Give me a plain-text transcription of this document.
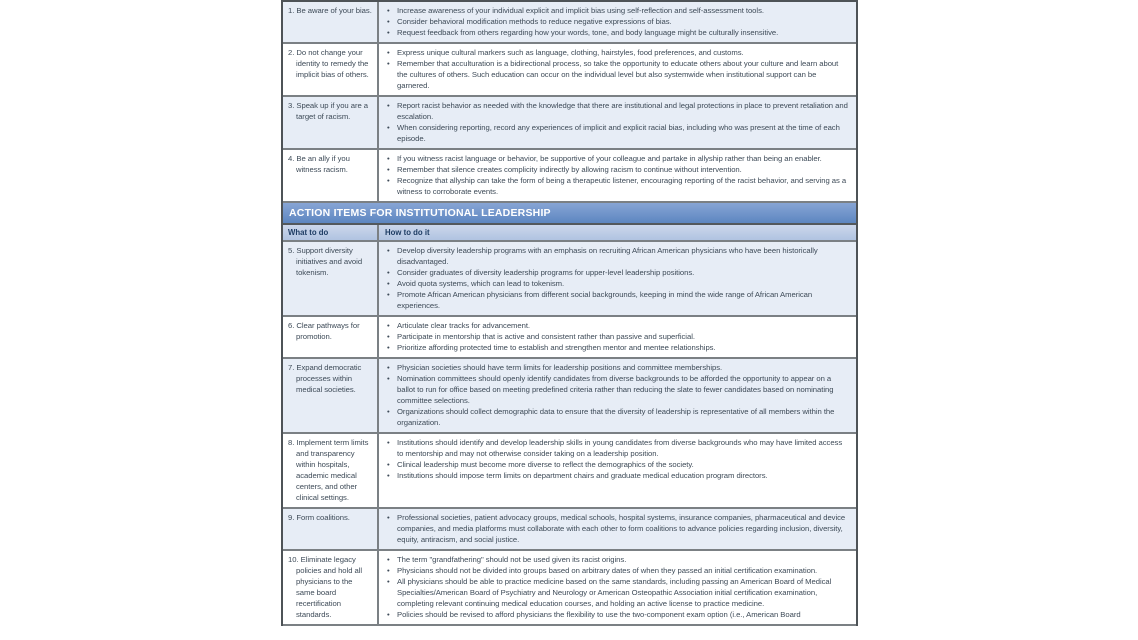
1. Be aware of your bias.	• Increase awareness of your individual explicit and implicit bias using self-reflection and self-assessment tools.
• Consider behavioral modification methods to reduce negative expressions of bias.
• Request feedback from others regarding how your words, tone, and body language might be culturally insensitive.
2. Do not change your identity to remedy the implicit bias of others.
• Express unique cultural markers such as language, clothing, hairstyles, food preferences, and customs.
• Remember that acculturation is a bidirectional process, so take the opportunity to educate others about your culture and learn about the cultures of others. Such education can occur on the individual level but also systemwide when institutional support can be garnered.
3. Speak up if you are a target of racism.
• Report racist behavior as needed with the knowledge that there are institutional and legal protections in place to prevent retaliation and escalation.
• When considering reporting, record any experiences of implicit and explicit racial bias, including who was present at the time of each episode.
4. Be an ally if you witness racism.
• If you witness racist language or behavior, be supportive of your colleague and partake in allyship rather than being an enabler.
• Remember that silence creates complicity indirectly by allowing racism to continue without intervention.
• Recognize that allyship can take the form of being a therapeutic listener, encouraging reporting of the racist behavior, and serving as a witness to corroborate events.
ACTION ITEMS FOR INSTITUTIONAL LEADERSHIP
What to do	How to do it
5. Support diversity initiatives and avoid tokenism.
• Develop diversity leadership programs with an emphasis on recruiting African American physicians who have been historically disadvantaged.
• Consider graduates of diversity leadership programs for upper-level leadership positions.
• Avoid quota systems, which can lead to tokenism.
• Promote African American physicians from different social backgrounds, keeping in mind the wide range of African American experiences.
6. Clear pathways for promotion.
• Articulate clear tracks for advancement.
• Participate in mentorship that is active and consistent rather than passive and superficial.
• Prioritize affording protected time to establish and strengthen mentor and mentee relationships.
7. Expand democratic processes within medical societies.
• Physician societies should have term limits for leadership positions and committee memberships.
• Nomination committees should openly identify candidates from diverse backgrounds to be afforded the opportunity to appear on a ballot to run for office based on meeting predefined criteria rather than reducing the slate to fewer candidates based on nominating committee selections.
• Organizations should collect demographic data to ensure that the diversity of leadership is representative of all members within the organization.
8. Implement term limits and transparency within hospitals, academic medical centers, and other clinical settings.
• Institutions should identify and develop leadership skills in young candidates from diverse backgrounds who may have limited access to mentorship and may not otherwise consider taking on a leadership position.
• Clinical leadership must become more diverse to reflect the demographics of the society.
• Institutions should impose term limits on department chairs and graduate medical education program directors.
9. Form coalitions.	• Professional societies, patient advocacy groups, medical schools, hospital systems, insurance companies, pharmaceutical and device companies, and media platforms must collaborate with each other to form coalitions to advance policies regarding inclusion, diversity, equity, antiracism, and social justice.
10. Eliminate legacy policies and hold all physicians to the same board recertification standards.
• The term "grandfathering" should not be used given its racist origins.
• Physicians should not be divided into groups based on arbitrary dates of when they passed an initial certification examination.
• All physicians should be able to practice medicine based on the same standards, including passing an American Board of Medical Specialties/American Board of Psychiatry and Neurology or American Osteopathic Association initial certification examination, completing relevant continuing medical education courses, and holding an active license to practice medicine.
• Policies should be revised to afford physicians the flexibility to use the two-component exam option (i.e., American Board
